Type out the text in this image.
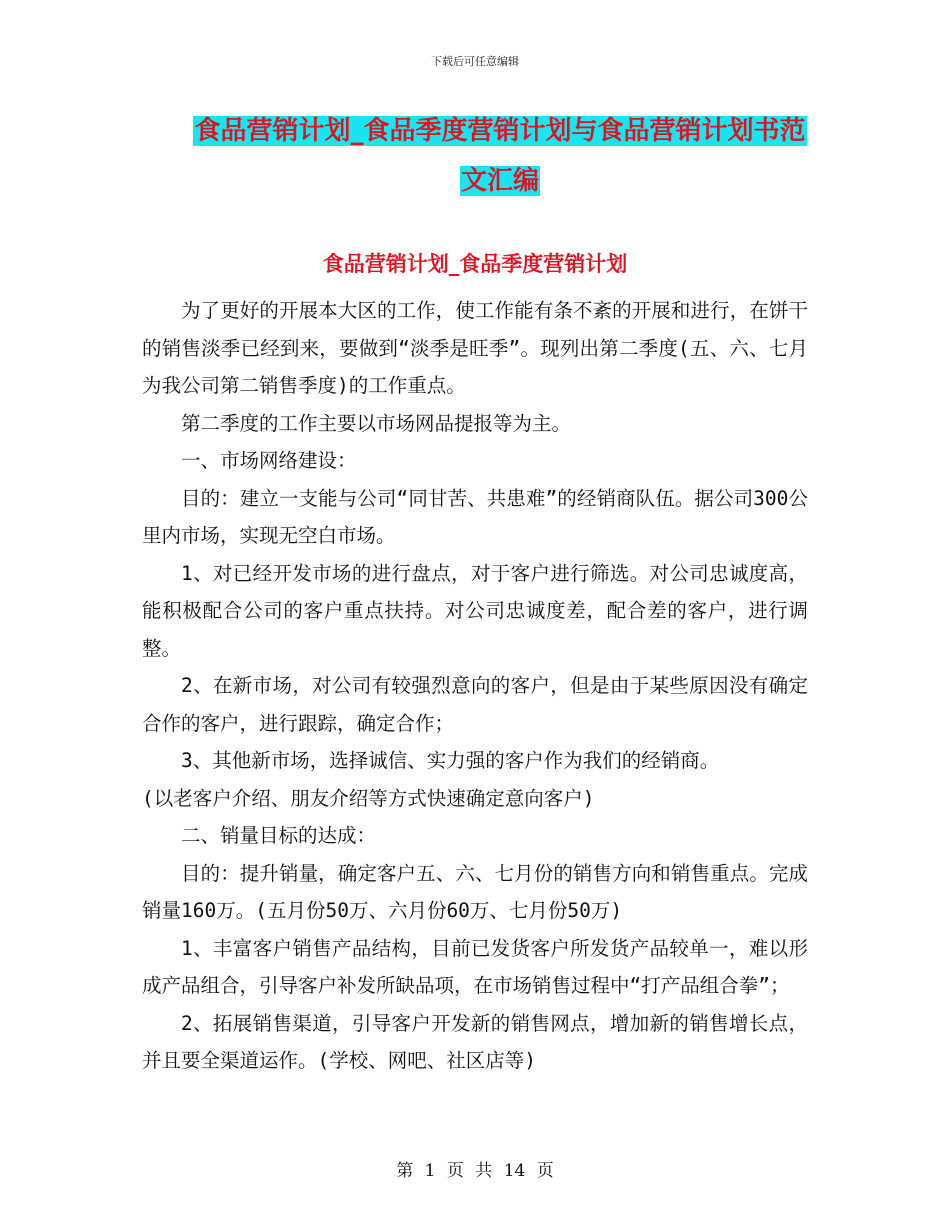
下载后可任意编辑
食品营销计划_食品季度营销计划与食品营销计划书范
文汇编
食品营销计划_食品季度营销计划

为了更好的开展本大区的工作，使工作能有条不紊的开展和进行，在饼干的销售淡季已经到来，要做到“淡季是旺季”。现列出第二季度(五、六、七月为我公司第二销售季度)的工作重点。

第二季度的工作主要以市场网品提报等为主。

一、市场网络建设：

目的：建立一支能与公司“同甘苦、共患难”的经销商队伍。据公司300公里内市场，实现无空白市场。

1、对已经开发市场的进行盘点，对于客户进行筛选。对公司忠诚度高，能积极配合公司的客户重点扶持。对公司忠诚度差，配合差的客户，进行调整。

2、在新市场，对公司有较强烈意向的客户，但是由于某些原因没有确定合作的客户，进行跟踪，确定合作；

3、其他新市场，选择诚信、实力强的客户作为我们的经销商。

(以老客户介绍、朋友介绍等方式快速确定意向客户)

二、销量目标的达成：

目的：提升销量，确定客户五、六、七月份的销售方向和销售重点。完成销量160万。(五月份50万、六月份60万、七月份50万)

1、丰富客户销售产品结构，目前已发货客户所发货产品较单一，难以形成产品组合，引导客户补发所缺品项，在市场销售过程中“打产品组合拳”；

2、拓展销售渠道，引导客户开发新的销售网点，增加新的销售增长点，并且要全渠道运作。(学校、网吧、社区店等)

第 1 页 共 14 页
